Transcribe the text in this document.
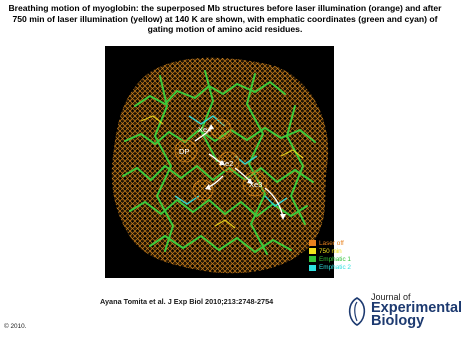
Breathing motion of myoglobin: the superposed Mb structures before laser illumination (orange) and after 750 min of laser illumination (yellow) at 140 K are shown, with emphatic coordinates (green and cyan) of gating motion of amino acid residues.
Xe4
DP
Xe2
Xe3
Laser off
750 min
Emphatic 1
Emphatic 2
Ayana Tomita et al. J Exp Biol 2010;213:2748-2754
© 2010.
Journal of
Experimental
Biology
